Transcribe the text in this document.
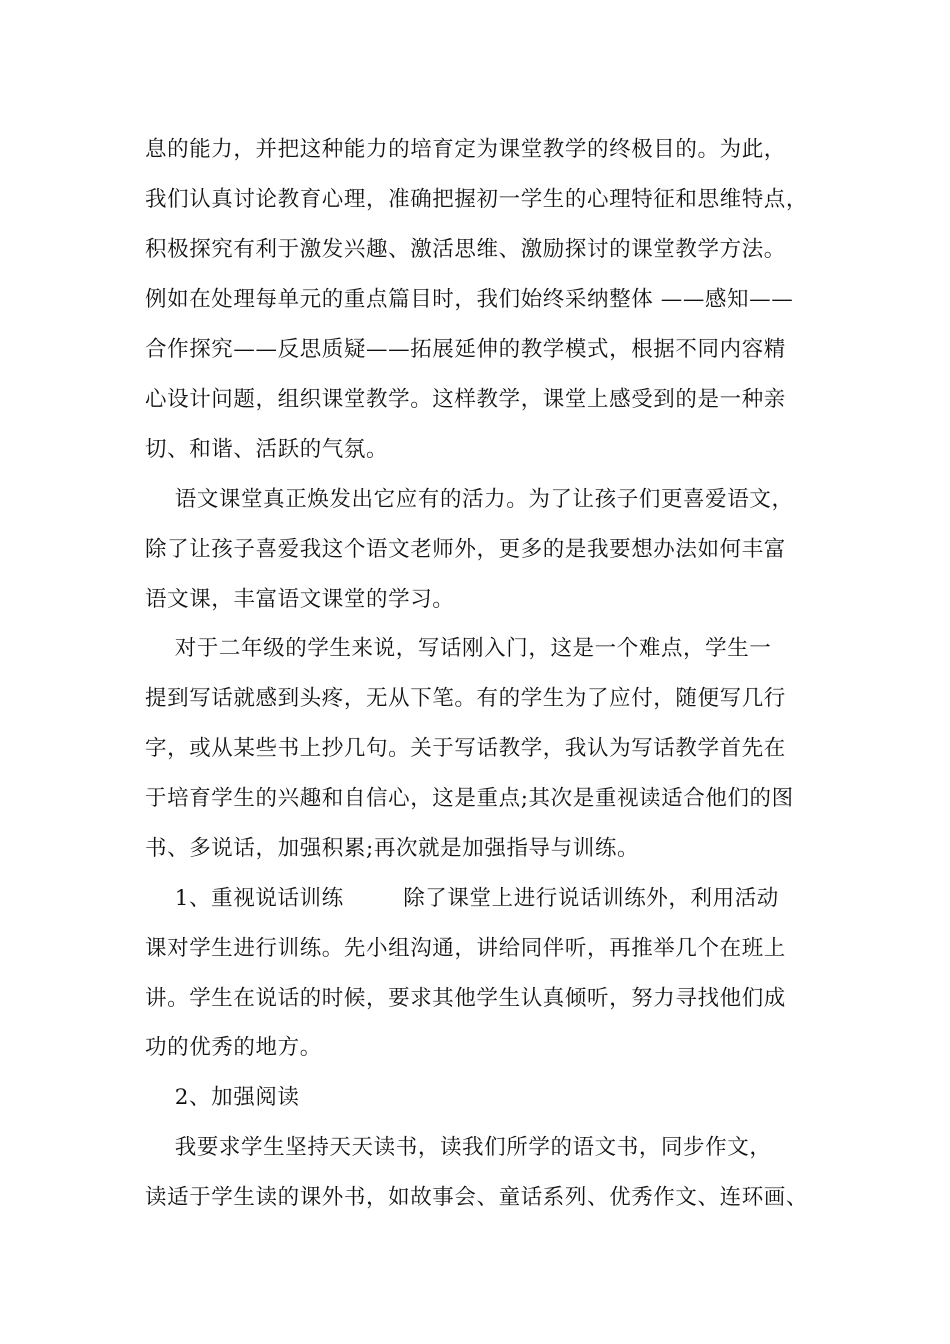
息的能力，并把这种能力的培育定为课堂教学的终极目的。为此，
我们认真讨论教育心理，准确把握初一学生的心理特征和思维特点，
积极探究有利于激发兴趣、激活思维、激励探讨的课堂教学方法。
例如在处理每单元的重点篇目时，我们始终采纳整体 ——感知——
合作探究——反思质疑——拓展延伸的教学模式，根据不同内容精
心设计问题，组织课堂教学。这样教学，课堂上感受到的是一种亲
切、和谐、活跃的气氛。
语文课堂真正焕发出它应有的活力。为了让孩子们更喜爱语文，
除了让孩子喜爱我这个语文老师外，更多的是我要想办法如何丰富
语文课，丰富语文课堂的学习。
对于二年级的学生来说，写话刚入门，这是一个难点，学生一
提到写话就感到头疼，无从下笔。有的学生为了应付，随便写几行
字，或从某些书上抄几句。关于写话教学，我认为写话教学首先在
于培育学生的兴趣和自信心，这是重点;其次是重视读适合他们的图
书、多说话，加强积累;再次就是加强指导与训练。
1、重视说话训练        除了课堂上进行说话训练外，利用活动
课对学生进行训练。先小组沟通，讲给同伴听，再推举几个在班上
讲。学生在说话的时候，要求其他学生认真倾听，努力寻找他们成
功的优秀的地方。
2、加强阅读
我要求学生坚持天天读书，读我们所学的语文书，同步作文，
读适于学生读的课外书，如故事会、童话系列、优秀作文、连环画、
